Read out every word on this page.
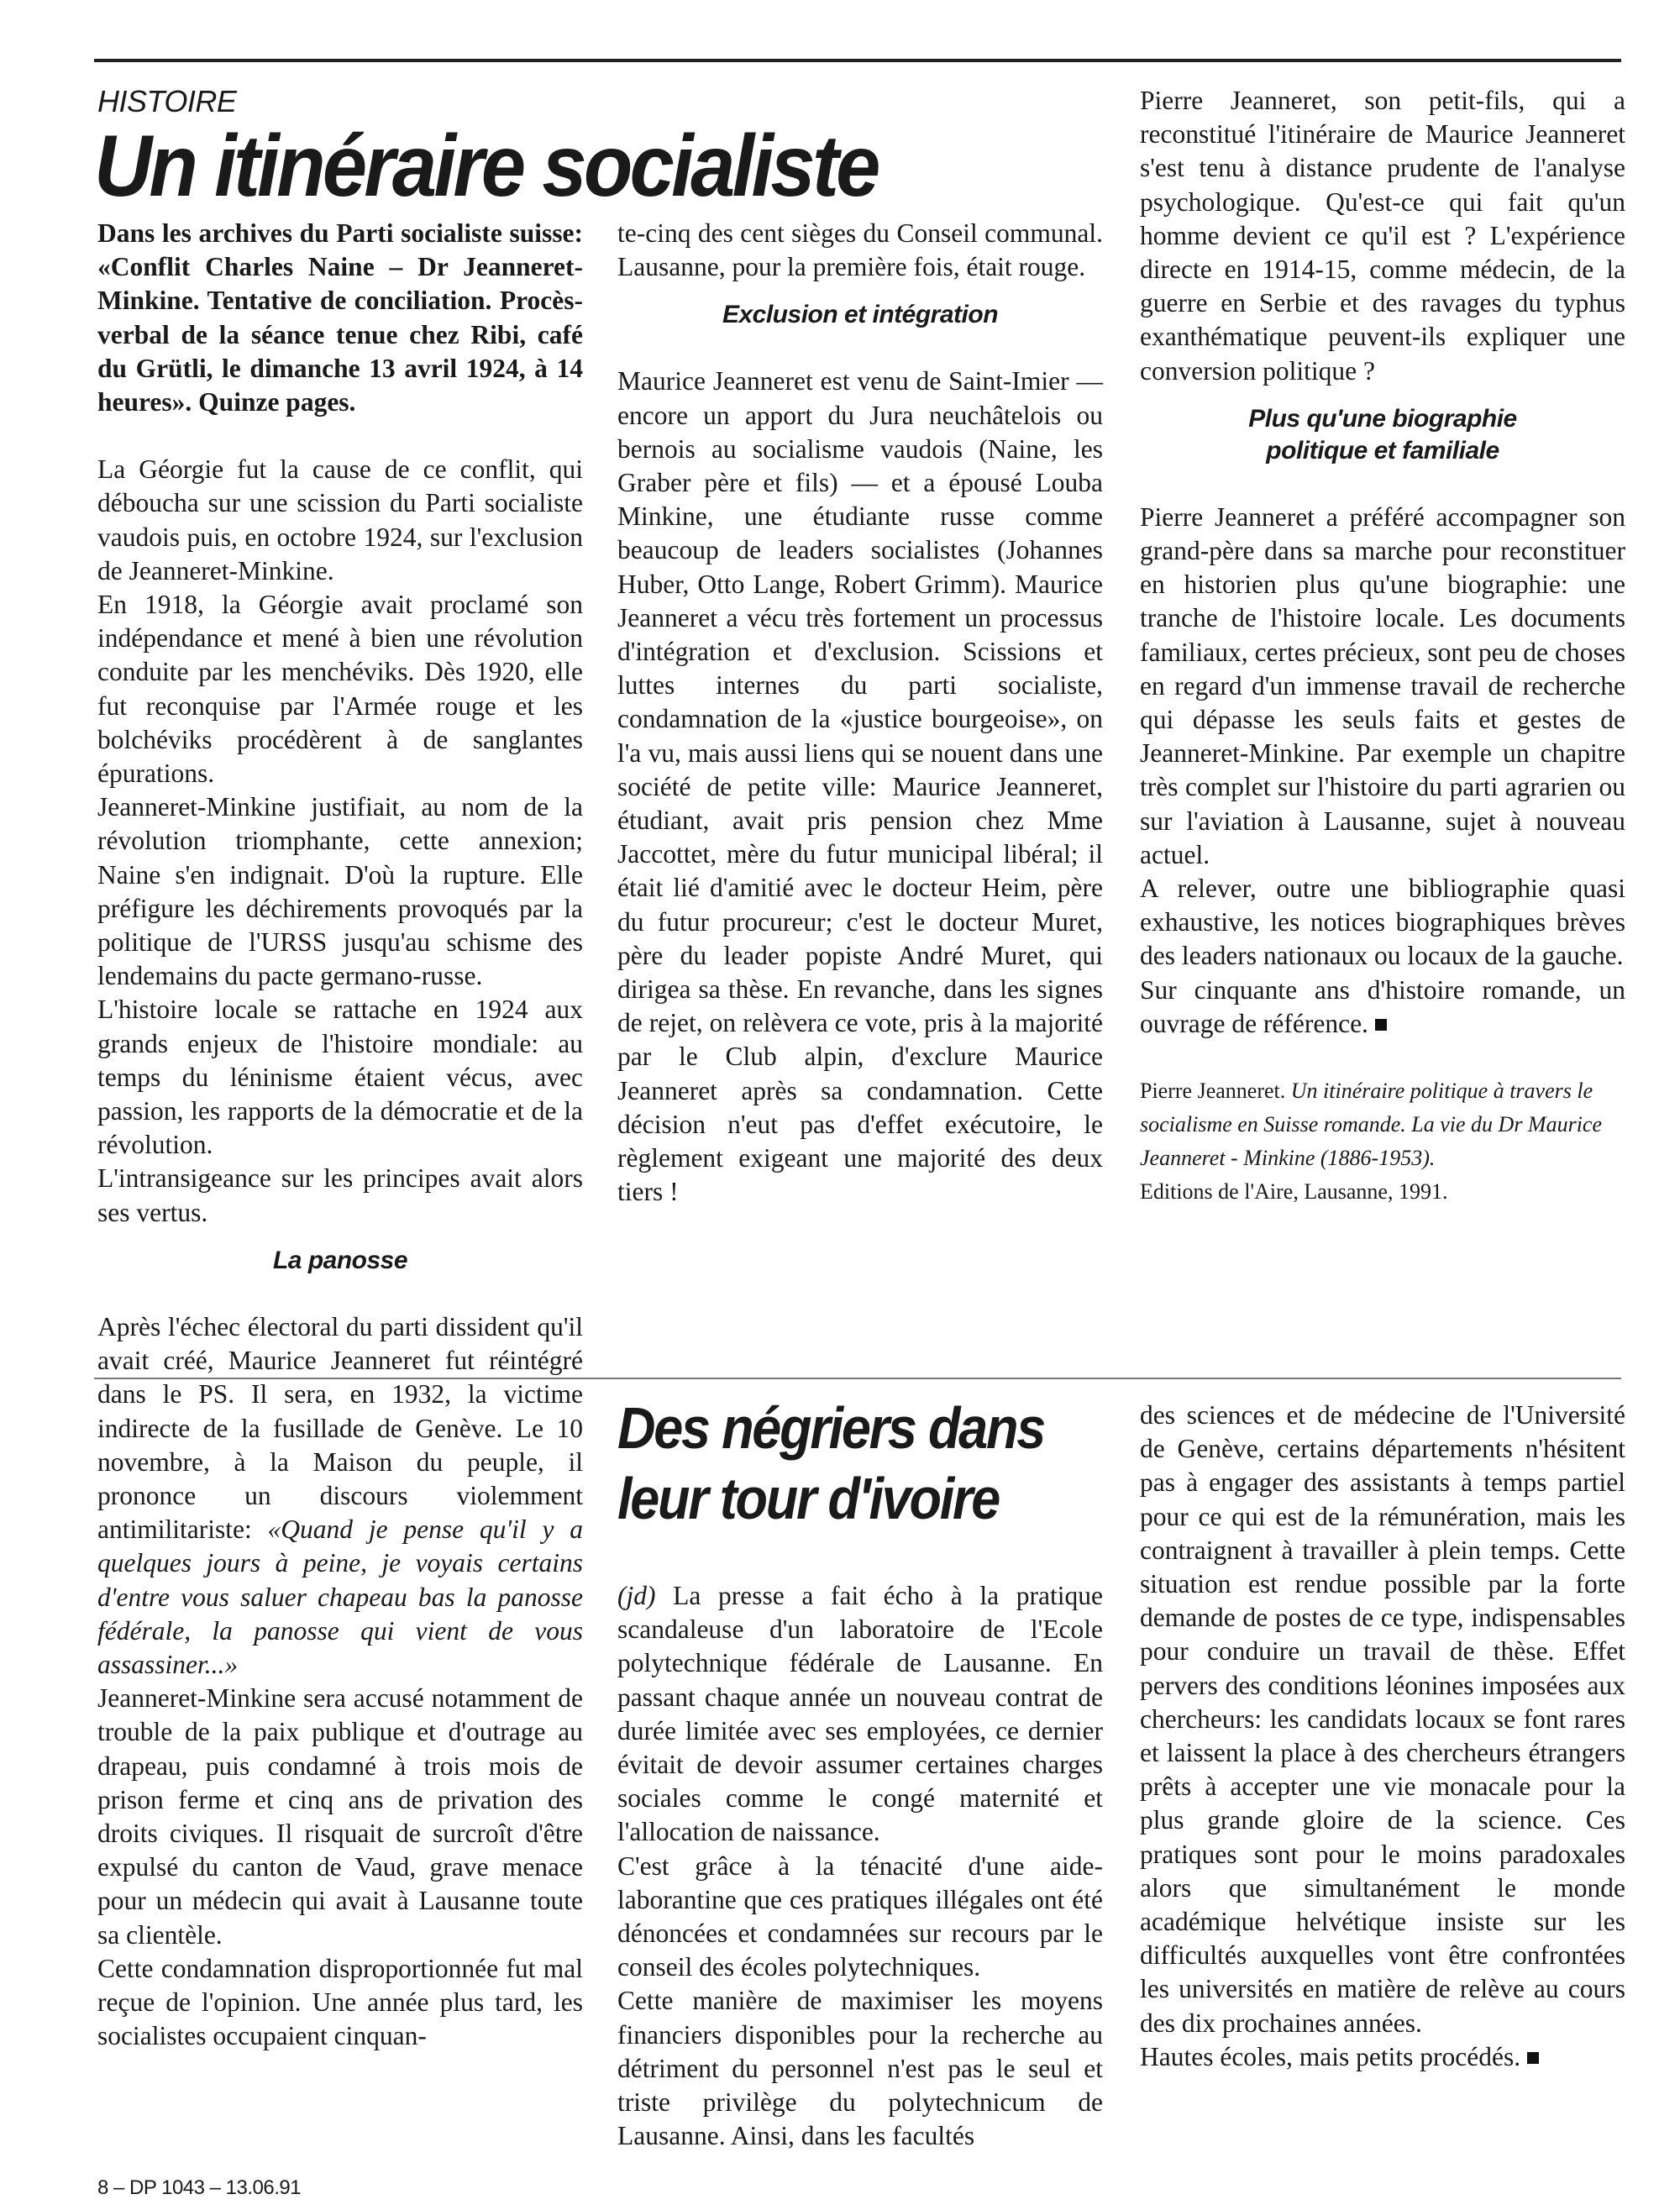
HISTOIRE
Un itinéraire socialiste

Dans les archives du Parti socialiste suisse: «Conflit Charles Naine – Dr Jeanneret-Minkine. Tentative de conciliation. Procès-verbal de la séance tenue chez Ribi, café du Grütli, le dimanche 13 avril 1924, à 14 heures». Quinze pages.

La Géorgie fut la cause de ce conflit, qui déboucha sur une scission du Parti socialiste vaudois puis, en octobre 1924, sur l'exclusion de Jeanneret-Minkine.

En 1918, la Géorgie avait proclamé son indépendance et mené à bien une révolution conduite par les menchéviks. Dès 1920, elle fut reconquise par l'Armée rouge et les bolchéviks procédèrent à de sanglantes épurations.

Jeanneret-Minkine justifiait, au nom de la révolution triomphante, cette annexion; Naine s'en indignait. D'où la rupture. Elle préfigure les déchirements provoqués par la politique de l'URSS jusqu'au schisme des lendemains du pacte germano-russe.

L'histoire locale se rattache en 1924 aux grands enjeux de l'histoire mondiale: au temps du léninisme étaient vécus, avec passion, les rapports de la démocratie et de la révolution.

L'intransigeance sur les principes avait alors ses vertus.

La panosse

Après l'échec électoral du parti dissident qu'il avait créé, Maurice Jeanneret fut réintégré dans le PS. Il sera, en 1932, la victime indirecte de la fusillade de Genève. Le 10 novembre, à la Maison du peuple, il prononce un discours violemment antimilitariste: «Quand je pense qu'il y a quelques jours à peine, je voyais certains d'entre vous saluer chapeau bas la panosse fédérale, la panosse qui vient de vous assassiner...»

Jeanneret-Minkine sera accusé notamment de trouble de la paix publique et d'outrage au drapeau, puis condamné à trois mois de prison ferme et cinq ans de privation des droits civiques. Il risquait de surcroît d'être expulsé du canton de Vaud, grave menace pour un médecin qui avait à Lausanne toute sa clientèle.

Cette condamnation disproportionnée fut mal reçue de l'opinion. Une année plus tard, les socialistes occupaient cinquan-

te-cinq des cent sièges du Conseil communal. Lausanne, pour la première fois, était rouge.

Exclusion et intégration

Maurice Jeanneret est venu de Saint-Imier — encore un apport du Jura neuchâtelois ou bernois au socialisme vaudois (Naine, les Graber père et fils) — et a épousé Louba Minkine, une étudiante russe comme beaucoup de leaders socialistes (Johannes Huber, Otto Lange, Robert Grimm). Maurice Jeanneret a vécu très fortement un processus d'intégration et d'exclusion. Scissions et luttes internes du parti socialiste, condamnation de la «justice bourgeoise», on l'a vu, mais aussi liens qui se nouent dans une société de petite ville: Maurice Jeanneret, étudiant, avait pris pension chez Mme Jaccottet, mère du futur municipal libéral; il était lié d'amitié avec le docteur Heim, père du futur procureur; c'est le docteur Muret, père du leader popiste André Muret, qui dirigea sa thèse. En revanche, dans les signes de rejet, on relèvera ce vote, pris à la majorité par le Club alpin, d'exclure Maurice Jeanneret après sa condamnation. Cette décision n'eut pas d'effet exécutoire, le règlement exigeant une majorité des deux tiers !

Pierre Jeanneret, son petit-fils, qui a reconstitué l'itinéraire de Maurice Jeanneret s'est tenu à distance prudente de l'analyse psychologique. Qu'est-ce qui fait qu'un homme devient ce qu'il est ? L'expérience directe en 1914-15, comme médecin, de la guerre en Serbie et des ravages du typhus exanthématique peuvent-ils expliquer une conversion politique ?

Plus qu'une biographie
politique et familiale

Pierre Jeanneret a préféré accompagner son grand-père dans sa marche pour reconstituer en historien plus qu'une biographie: une tranche de l'histoire locale. Les documents familiaux, certes précieux, sont peu de choses en regard d'un immense travail de recherche qui dépasse les seuls faits et gestes de Jeanneret-Minkine. Par exemple un chapitre très complet sur l'histoire du parti agrarien ou sur l'aviation à Lausanne, sujet à nouveau actuel.

A relever, outre une bibliographie quasi exhaustive, les notices biographiques brèves des leaders nationaux ou locaux de la gauche.

Sur cinquante ans d'histoire romande, un ouvrage de référence.

Pierre Jeanneret. Un itinéraire politique à travers le socialisme en Suisse romande. La vie du Dr Maurice Jeanneret - Minkine (1886-1953).
Editions de l'Aire, Lausanne, 1991.

Des négriers dans
leur tour d'ivoire

(jd) La presse a fait écho à la pratique scandaleuse d'un laboratoire de l'Ecole polytechnique fédérale de Lausanne. En passant chaque année un nouveau contrat de durée limitée avec ses employées, ce dernier évitait de devoir assumer certaines charges sociales comme le congé maternité et l'allocation de naissance.

C'est grâce à la ténacité d'une aide-laborantine que ces pratiques illégales ont été dénoncées et condamnées sur recours par le conseil des écoles polytechniques.

Cette manière de maximiser les moyens financiers disponibles pour la recherche au détriment du personnel n'est pas le seul et triste privilège du polytechnicum de Lausanne. Ainsi, dans les facultés

des sciences et de médecine de l'Université de Genève, certains départements n'hésitent pas à engager des assistants à temps partiel pour ce qui est de la rémunération, mais les contraignent à travailler à plein temps. Cette situation est rendue possible par la forte demande de postes de ce type, indispensables pour conduire un travail de thèse. Effet pervers des conditions léonines imposées aux chercheurs: les candidats locaux se font rares et laissent la place à des chercheurs étrangers prêts à accepter une vie monacale pour la plus grande gloire de la science. Ces pratiques sont pour le moins paradoxales alors que simultanément le monde académique helvétique insiste sur les difficultés auxquelles vont être confrontées les universités en matière de relève au cours des dix prochaines années.

Hautes écoles, mais petits procédés.

8 – DP 1043 – 13.06.91
